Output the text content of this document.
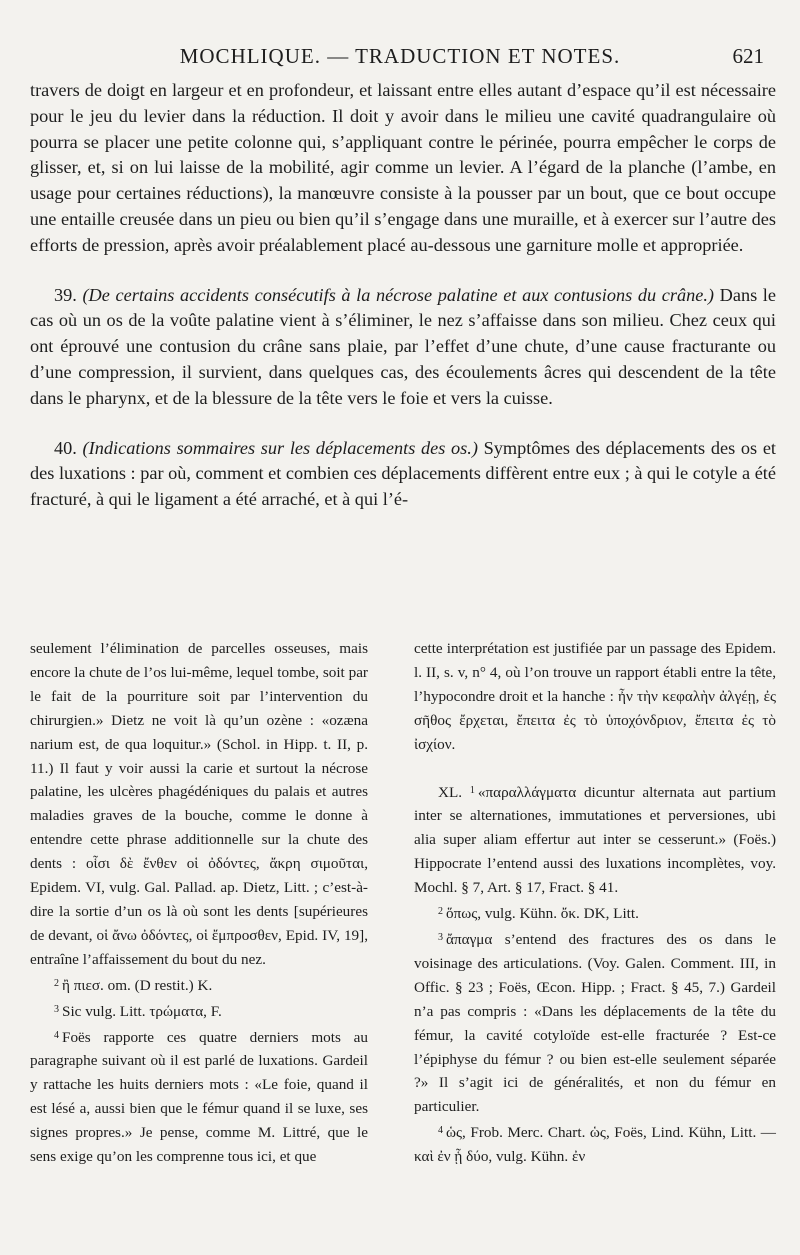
MOCHLIQUE. — TRADUCTION ET NOTES.	621

travers de doigt en largeur et en profondeur, et laissant entre elles autant d’espace qu’il est nécessaire pour le jeu du levier dans la réduction. Il doit y avoir dans le milieu une cavité quadrangulaire où pourra se placer une petite colonne qui, s’appliquant contre le périnée, pourra empêcher le corps de glisser, et, si on lui laisse de la mobilité, agir comme un levier. A l’égard de la planche (l’ambe, en usage pour certaines réductions), la manœuvre consiste à la pousser par un bout, que ce bout occupe une entaille creusée dans un pieu ou bien qu’il s’engage dans une muraille, et à exercer sur l’autre des efforts de pression, après avoir préalablement placé au-dessous une garniture molle et appropriée.

39. (De certains accidents consécutifs à la nécrose palatine et aux contusions du crâne.) Dans le cas où un os de la voûte palatine vient à s’éliminer, le nez s’affaisse dans son milieu. Chez ceux qui ont éprouvé une contusion du crâne sans plaie, par l’effet d’une chute, d’une cause fracturante ou d’une compression, il survient, dans quelques cas, des écoulements âcres qui descendent de la tête dans le pharynx, et de la blessure de la tête vers le foie et vers la cuisse.

40. (Indications sommaires sur les déplacements des os.) Symptômes des déplacements des os et des luxations : par où, comment et combien ces déplacements diffèrent entre eux ; à qui le cotyle a été fracturé, à qui le ligament a été arraché, et à qui l’é-

seulement l’élimination de parcelles osseuses, mais encore la chute de l’os lui-même, lequel tombe, soit par le fait de la pourriture soit par l’intervention du chirurgien.» Dietz ne voit là qu’un ozène : «ozæna narium est, de qua loquitur.» (Schol. in Hipp. t. II, p. 11.) Il faut y voir aussi la carie et surtout la nécrose palatine, les ulcères phagédéniques du palais et autres maladies graves de la bouche, comme le donne à entendre cette phrase additionnelle sur la chute des dents : οἷσι δὲ ἔνθεν οἱ ὀδόντες, ἄκρη σιμοῦται, Epidem. VI, vulg. Gal. Pallad. ap. Dietz, Litt. ; c’est-à-dire la sortie d’un os là où sont les dents [supérieures de devant, οἱ ἄνω ὀδόντες, οἱ ἔμπροσθεν, Epid. IV, 19], entraîne l’affaissement du bout du nez.

$^2$ ἢ πιεσ. om. (D restit.) K.

$^3$ Sic vulg. Litt. τρώματα, F.

$^4$ Foës rapporte ces quatre derniers mots au paragraphe suivant où il est parlé de luxations. Gardeil y rattache les huits derniers mots : «Le foie, quand il est lésé a, aussi bien que le fémur quand il se luxe, ses signes propres.» Je pense, comme M. Littré, que le sens exige qu’on les comprenne tous ici, et que

cette interprétation est justifiée par un passage des Epidem. l. II, s. v, n° 4, où l’on trouve un rapport établi entre la tête, l’hypocondre droit et la hanche : ἦν τὴν κεφαλὴν ἀλγέῃ, ἐς σῆθος ἔρχεται, ἔπειτα ἐς τὸ ὑποχόνδριον, ἔπειτα ἐς τὸ ἰσχίον.

XL. $^1$ «παραλλάγματα dicuntur alternata aut partium inter se alternationes, immutationes et perversiones, ubi alia super aliam effertur aut inter se cesserunt.» (Foës.) Hippocrate l’entend aussi des luxations incomplètes, voy. Mochl. § 7, Art. § 17, Fract. § 41.

$^2$ ὅπως, vulg. Kühn. ὄκ. DK, Litt.

$^3$ ἄπαγμα s’entend des fractures des os dans le voisinage des articulations. (Voy. Galen. Comment. III, in Offic. § 23 ; Foës, Œcon. Hipp. ; Fract. § 45, 7.) Gardeil n’a pas compris : «Dans les déplacements de la tête du fémur, la cavité cotyloïde est-elle fracturée ? Est-ce l’épiphyse du fémur ? ou bien est-elle seulement séparée ?» Il s’agit ici de généralités, et non du fémur en particulier.

$^4$ ὡς, Frob. Merc. Chart. ὡς, Foës, Lind. Kühn, Litt. — καὶ ἐν ᾗ δύο, vulg. Kühn. ἐν
